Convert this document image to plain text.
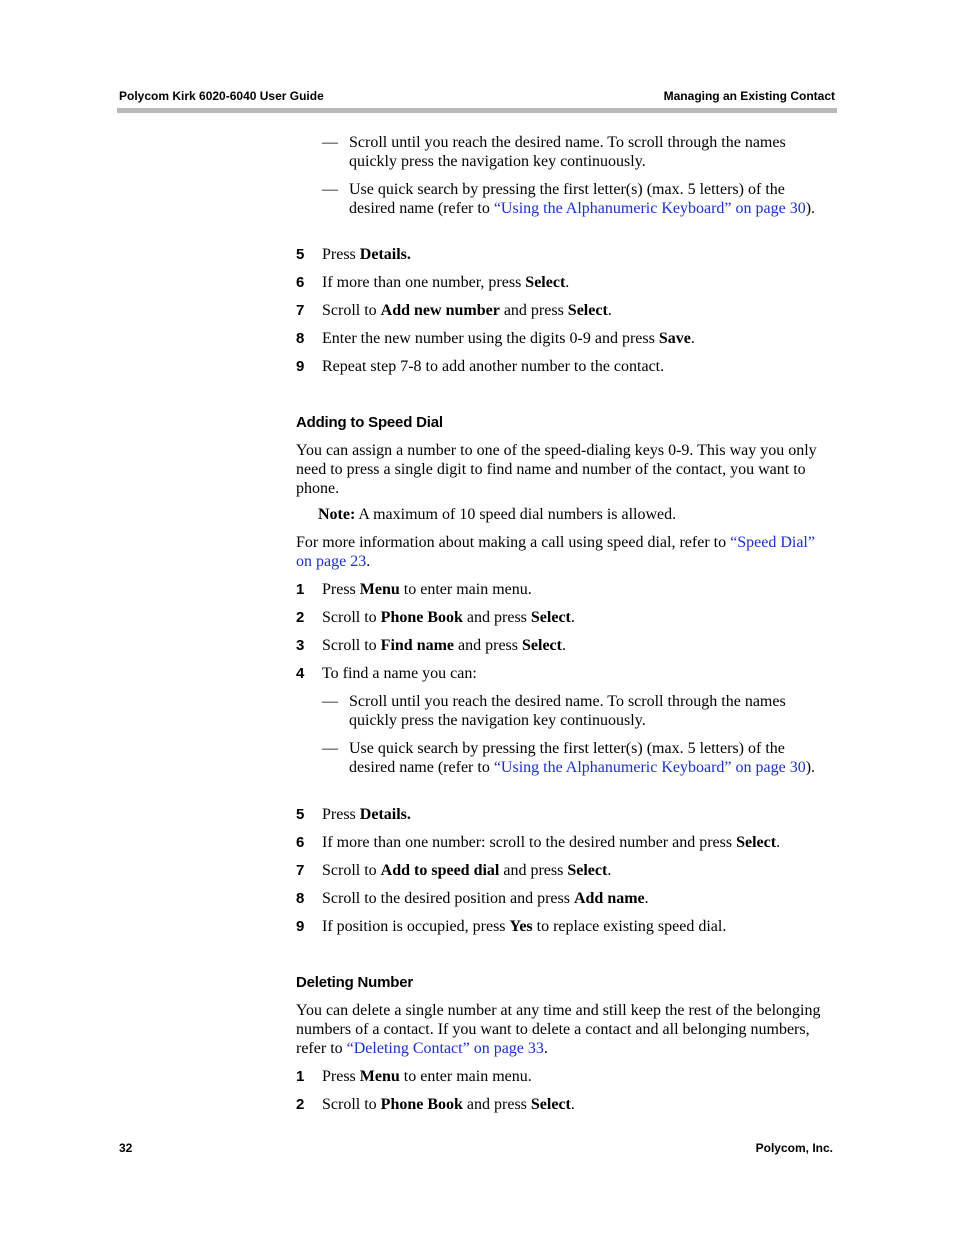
Polycom Kirk 6020-6040 User Guide	Managing an Existing Contact
— Scroll until you reach the desired name. To scroll through the names quickly press the navigation key continuously.
— Use quick search by pressing the first letter(s) (max. 5 letters) of the desired name (refer to “Using the Alphanumeric Keyboard” on page 30).
5 Press Details.
6 If more than one number, press Select.
7 Scroll to Add new number and press Select.
8 Enter the new number using the digits 0-9 and press Save.
9 Repeat step 7-8 to add another number to the contact.
Adding to Speed Dial
You can assign a number to one of the speed-dialing keys 0-9. This way you only need to press a single digit to find name and number of the contact, you want to phone.
Note: A maximum of 10 speed dial numbers is allowed.
For more information about making a call using speed dial, refer to “Speed Dial” on page 23.
1 Press Menu to enter main menu.
2 Scroll to Phone Book and press Select.
3 Scroll to Find name and press Select.
4 To find a name you can:
— Scroll until you reach the desired name. To scroll through the names quickly press the navigation key continuously.
— Use quick search by pressing the first letter(s) (max. 5 letters) of the desired name (refer to “Using the Alphanumeric Keyboard” on page 30).
5 Press Details.
6 If more than one number: scroll to the desired number and press Select.
7 Scroll to Add to speed dial and press Select.
8 Scroll to the desired position and press Add name.
9 If position is occupied, press Yes to replace existing speed dial.
Deleting Number
You can delete a single number at any time and still keep the rest of the belonging numbers of a contact. If you want to delete a contact and all belonging numbers, refer to “Deleting Contact” on page 33.
1 Press Menu to enter main menu.
2 Scroll to Phone Book and press Select.
32	Polycom, Inc.
